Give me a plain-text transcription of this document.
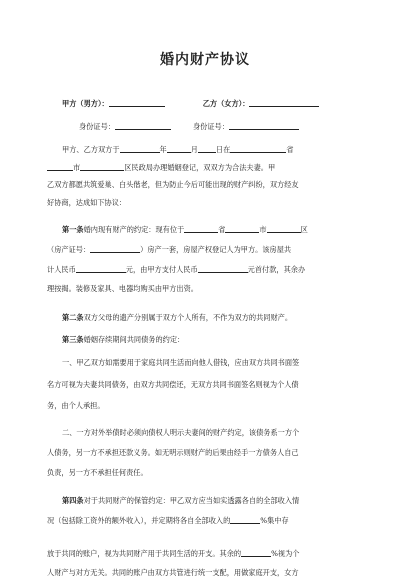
婚内财产协议
甲方（男方）：	乙方（女方）：
身份证号：	身份证号：
甲方、乙方双方于	年	月	日在	省
市	区民政局办理婚姻登记，双双方为合法夫妻。甲
乙双方都愿共筑爱巢、白头偕老，但为防止今后可能出现的财产纠纷，双方经友
好协商，达成如下协议：
第一条婚内现有财产的约定：现有位于	省	市	区
（房产证号：	）房产一套，房屋产权登记人为甲方。该房屋共
计人民币	元，由甲方支付人民币	元首付款，其余办
理按揭。装修及家具、电器均购买由甲方出资。
第二条双方父母的遗产分别属于双方个人所有，不作为双方的共同财产。
第三条婚姻存续期间共同债务的约定：
一、甲乙双方如需要用于家庭共同生活而向他人借钱，应由双方共同书面签
名方可视为夫妻共同债务，由双方共同偿还，无双方共同书面签名则视为个人债
务，由个人承担。
二、一方对外举债时必须向债权人明示夫妻间的财产约定，该债务系一方个
人债务，另一方不承担还款义务。如无明示则财产的后果由经手一方债务人自己
负责，另一方不承担任何责任。
第四条对于共同财产的保管约定：甲乙双方应当如实透露各自的全部收入情
况（包括除工资外的额外收入），并定期将各自全部收入的	%集中存
放于共同的账户，视为共同财产用于共同生活的开支。其余的	%视为个
人财产与对方无关。共同的账户由双方共管进行统一支配，用做家庭开支，女方
